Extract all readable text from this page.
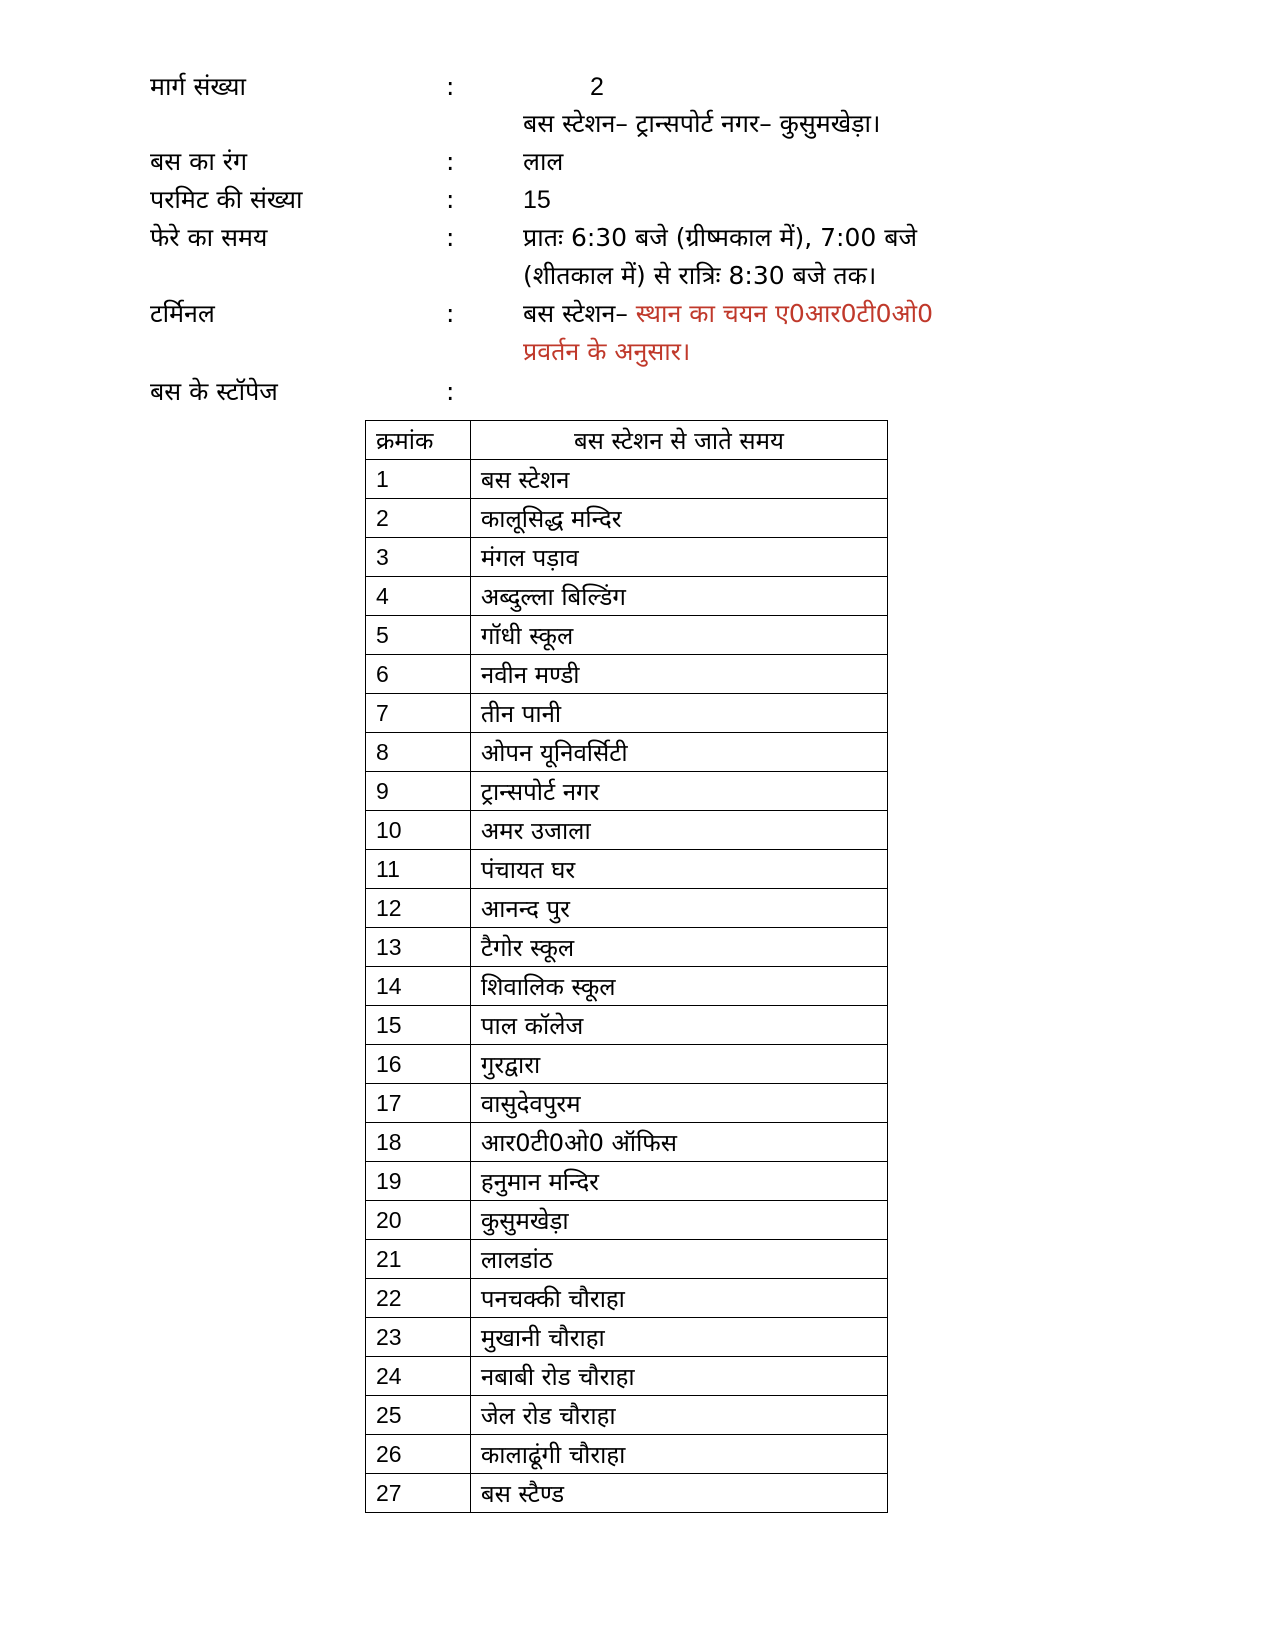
मार्ग संख्या	:	2
बस स्टेशन– ट्रान्सपोर्ट नगर– कुसुमखेड़ा।
बस का रंग	:	लाल
परमिट की संख्या	:	15
फेरे का समय	:	प्रातः 6:30 बजे (ग्रीष्मकाल में), 7:00 बजे
(शीतकाल में) से रात्रिः 8:30 बजे तक।
टर्मिनल	:	बस स्टेशन– स्थान का चयन ए0आर0टी0ओ0
प्रवर्तन के अनुसार।
बस के स्टॉपेज	:
क्रमांक	बस स्टेशन से जाते समय
1	बस स्टेशन
2	कालूसिद्ध मन्दिर
3	मंगल पड़ाव
4	अब्दुल्ला बिल्डिंग
5	गॉधी स्कूल
6	नवीन मण्डी
7	तीन पानी
8	ओपन यूनिवर्सिटी
9	ट्रान्सपोर्ट नगर
10	अमर उजाला
11	पंचायत घर
12	आनन्द पुर
13	टैगोर स्कूल
14	शिवालिक स्कूल
15	पाल कॉलेज
16	गुरद्वारा
17	वासुदेवपुरम
18	आर0टी0ओ0 ऑफिस
19	हनुमान मन्दिर
20	कुसुमखेड़ा
21	लालडांठ
22	पनचक्की चौराहा
23	मुखानी चौराहा
24	नबाबी रोड चौराहा
25	जेल रोड चौराहा
26	कालाढूंगी चौराहा
27	बस स्टैण्ड
